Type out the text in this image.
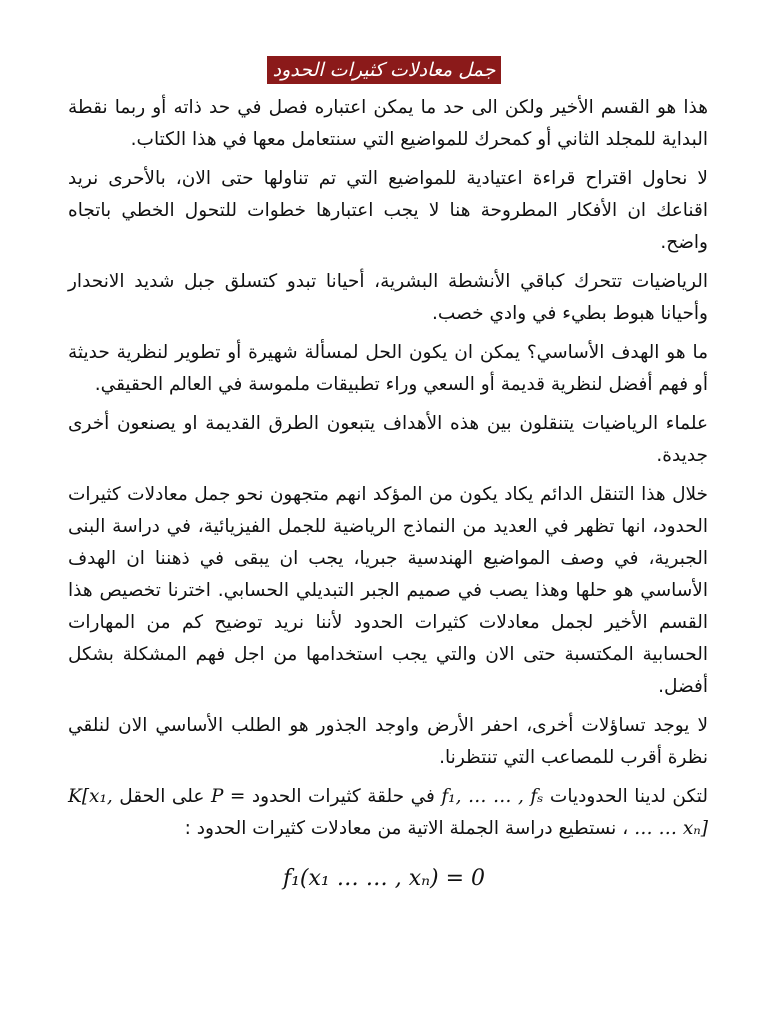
جمل معادلات كثيرات الحدود

هذا هو القسم الأخير ولكن الى حد ما يمكن اعتباره فصل في حد ذاته أو ربما نقطة البداية للمجلد الثاني أو كمحرك للمواضيع التي سنتعامل معها في هذا الكتاب.

لا نحاول اقتراح قراءة اعتيادية للمواضيع التي تم تناولها حتى الان، بالأحرى نريد اقناعك ان الأفكار المطروحة هنا لا يجب اعتبارها خطوات للتحول الخطي باتجاه واضح.

الرياضيات تتحرك كباقي الأنشطة البشرية، أحيانا تبدو كتسلق جبل شديد الانحدار وأحيانا هبوط بطيء في وادي خصب.

ما هو الهدف الأساسي؟ يمكن ان يكون الحل لمسألة شهيرة أو تطوير لنظرية حديثة أو فهم أفضل لنظرية قديمة أو السعي وراء تطبيقات ملموسة في العالم الحقيقي.

علماء الرياضيات يتنقلون بين هذه الأهداف يتبعون الطرق القديمة او يصنعون أخرى جديدة.

خلال هذا التنقل الدائم يكاد يكون من المؤكد انهم متجهون نحو جمل معادلات كثيرات الحدود، انها تظهر في العديد من النماذج الرياضية للجمل الفيزيائية، في دراسة البنى الجبرية، في وصف المواضيع الهندسية جبريا، يجب ان يبقى في ذهننا ان الهدف الأساسي هو حلها وهذا يصب في صميم الجبر التبديلي الحسابي. اخترنا تخصيص هذا القسم الأخير لجمل معادلات كثيرات الحدود لأننا نريد توضيح كم من المهارات الحسابية المكتسبة حتى الان والتي يجب استخدامها من اجل فهم المشكلة بشكل أفضل.

لا يوجد تساؤلات أخرى، احفر الأرض واوجد الجذور هو الطلب الأساسي الان لنلقي نظرة أقرب للمصاعب التي تنتظرنا.

لتكن لدينا الحدوديات f₁, … … , fₛ في حلقة كثيرات الحدود P = على الحقل K[x₁, … … xₙ] ، نستطيع دراسة الجملة الاتية من معادلات كثيرات الحدود :

f₁(x₁ … … , xₙ) = 0
